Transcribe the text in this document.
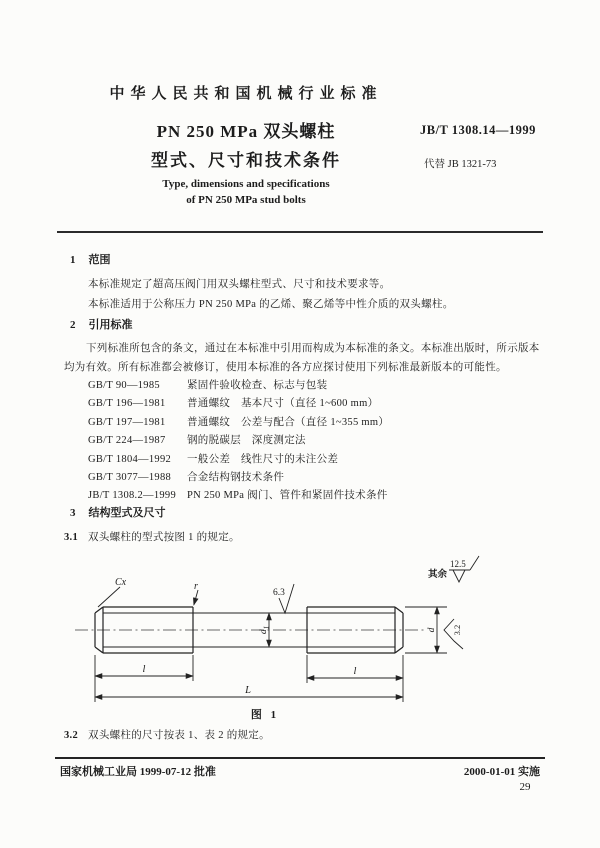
中华人民共和国机械行业标准
PN 250 MPa 双头螺柱
型式、尺寸和技术条件
Type, dimensions and specifications
of PN 250 MPa stud bolts
JB/T 1308.14—1999
代替 JB 1321-73
1 范围
本标准规定了超高压阀门用双头螺柱型式、尺寸和技术要求等。
本标准适用于公称压力 PN 250 MPa 的乙烯、聚乙烯等中性介质的双头螺柱。
2 引用标准
下列标准所包含的条文，通过在本标准中引用而构成为本标准的条文。本标准出版时，所示版本
均为有效。所有标准都会被修订，使用本标准的各方应探讨使用下列标准最新版本的可能性。
GB/T 90—1985	紧固件验收检查、标志与包装
GB/T 196—1981 普通螺纹　基本尺寸（直径 1~600 mm）
GB/T 197—1981 普通螺纹　公差与配合（直径 1~355 mm）
GB/T 224—1987 钢的脱碳层　深度测定法
GB/T 1804—1992 一般公差　线性尺寸的未注公差
GB/T 3077—1988 合金结构钢技术条件
JB/T 1308.2—1999 PN 250 MPa 阀门、管件和紧固件技术条件
3 结构型式及尺寸
3.1 双头螺柱的型式按图 1 的规定。
Cx	r
6.3
$d_1$	d 3.2
其余
12.5
l	l
L
图 1
3.2 双头螺柱的尺寸按表 1、表 2 的规定。
国家机械工业局 1999-07-12 批准	2000-01-01 实施
29
